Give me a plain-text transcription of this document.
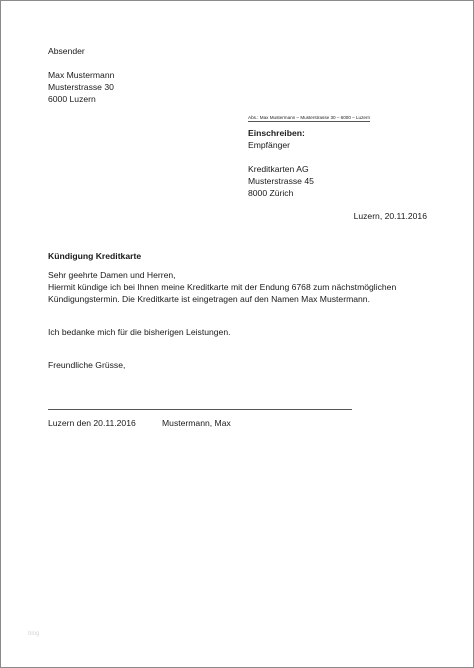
Absender
Max Mustermann
Musterstrasse 30
6000 Luzern
Abs.: Max Mustermann – Musterstrasse 30 – 6000 – Luzern
Einschreiben:
Empfänger
Kreditkarten AG
Musterstrasse 45
8000 Zürich
Luzern, 20.11.2016
Kündigung Kreditkarte
Sehr geehrte Damen und Herren,
Hiermit kündige ich bei Ihnen meine Kreditkarte mit der Endung 6768 zum nächstmöglichen
Kündigungstermin. Die Kreditkarte ist eingetragen auf den Namen Max Mustermann.
Ich bedanke mich für die bisherigen Leistungen.
Freundliche Grüsse,
Luzern den 20.11.2016	Mustermann, Max
blog
